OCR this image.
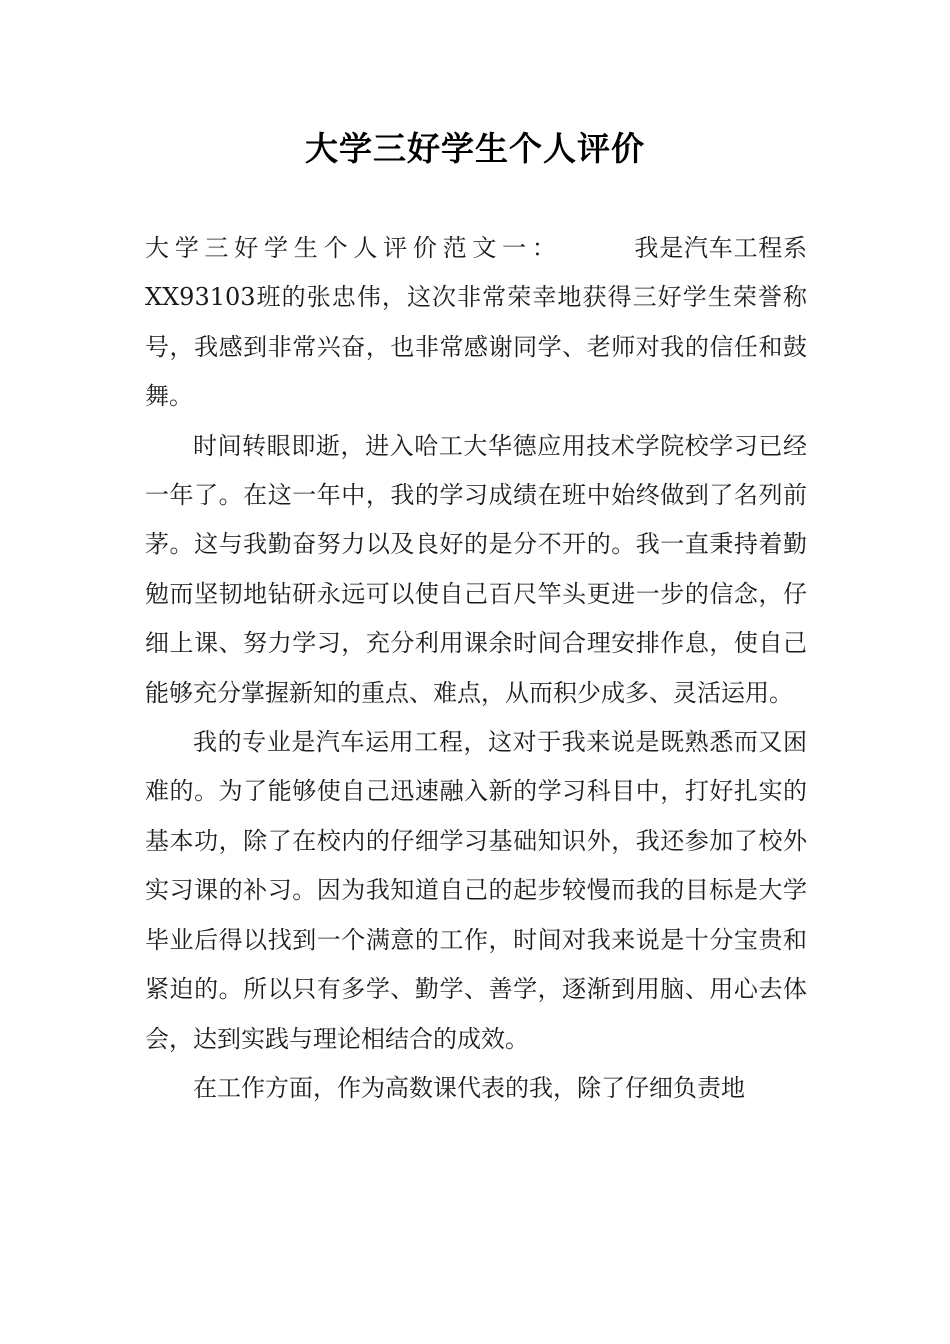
大学三好学生个人评价

大学三好学生个人评价范文一：	我是汽车工程系XX93103班的张忠伟，这次非常荣幸地获得三好学生荣誉称号，我感到非常兴奋，也非常感谢同学、老师对我的信任和鼓舞。

时间转眼即逝，进入哈工大华德应用技术学院校学习已经一年了。在这一年中，我的学习成绩在班中始终做到了名列前茅。这与我勤奋努力以及良好的是分不开的。我一直秉持着勤勉而坚韧地钻研永远可以使自己百尺竿头更进一步的信念，仔细上课、努力学习，充分利用课余时间合理安排作息，使自己能够充分掌握新知的重点、难点，从而积少成多、灵活运用。

我的专业是汽车运用工程，这对于我来说是既熟悉而又困难的。为了能够使自己迅速融入新的学习科目中，打好扎实的基本功，除了在校内的仔细学习基础知识外，我还参加了校外实习课的补习。因为我知道自己的起步较慢而我的目标是大学毕业后得以找到一个满意的工作，时间对我来说是十分宝贵和紧迫的。所以只有多学、勤学、善学，逐渐到用脑、用心去体会，达到实践与理论相结合的成效。

在工作方面，作为高数课代表的我，除了仔细负责地
